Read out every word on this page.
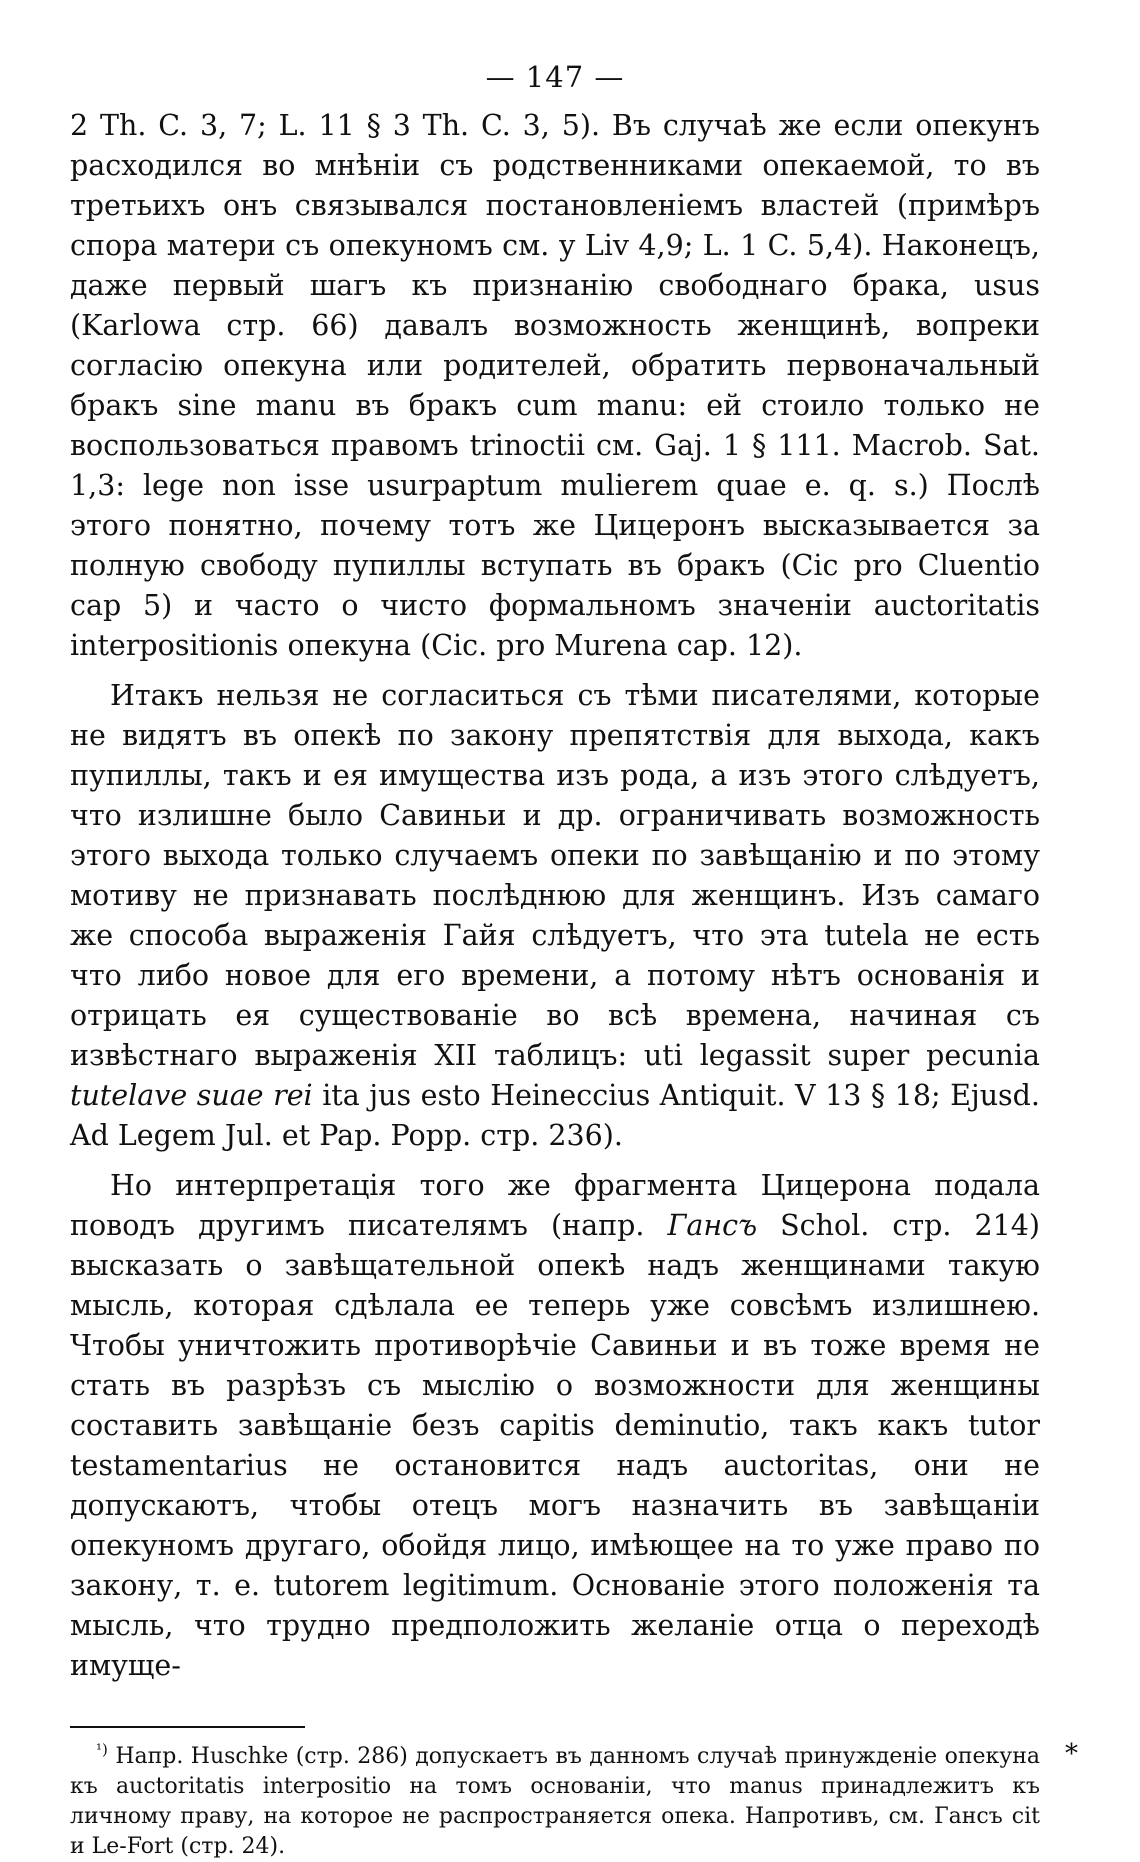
— 147 —

2 Th. C. 3, 7; L. 11 § 3 Th. C. 3, 5). Въ случаѣ же если опекунъ расходился во мнѣніи съ родственниками опекаемой, то въ третьихъ онъ связывался постановленіемъ властей (примѣръ спора матери съ опекуномъ см. у Liv 4,9; L. 1 C. 5,4). Наконецъ, даже первый шагъ къ признанію свободнаго брака, usus (Karlowa стр. 66) давалъ возможность женщинѣ, вопреки согласію опекуна или родителей, обратить первоначальный бракъ sine manu въ бракъ cum manu: ей стоило только не воспользоваться правомъ trinoctii см. Gaj. 1 § 111. Macrob. Sat. 1,3: lege non isse usurраptum mulierem quae e. q. s.) Послѣ этого понятно, почему тотъ же Цицеронъ высказывается за полную свободу пупиллы вступать въ бракъ (Cic pro Cluentio cap 5) и часто о чисто формальномъ значеніи auctoritatis interpositionis опекуна (Cic. pro Murena cap. 12).

Итакъ нельзя не согласиться съ тѣми писателями, которые не видятъ въ опекѣ по закону препятствія для выхода, какъ пупиллы, такъ и ея имущества изъ рода, а изъ этого слѣдуетъ, что излишне было Савиньи и др. ограничивать возможность этого выхода только случаемъ опеки по завѣщанію и по этому мотиву не признавать послѣднюю для женщинъ. Изъ самаго же способа выраженія Гайя слѣдуетъ, что эта tutela не есть что либо новое для его времени, а потому нѣтъ основанія и отрицать ея существованіе во всѣ времена, начиная съ извѣстнаго выраженія XII таблицъ: uti legassit super pecunia tutelave suae rei ita jus esto Heineccius Antiquit. V 13 § 18; Ejusd. Ad Legem Jul. et Pap. Popp. стр. 236).

Но интерпретація того же фрагмента Цицерона подала поводъ другимъ писателямъ (напр. Гансъ Schol. стр. 214) высказать о завѣщательной опекѣ надъ женщинами такую мысль, которая сдѣлала ее теперь уже совсѣмъ излишнею. Чтобы уничтожить противорѣчіе Савиньи и въ тоже время не стать въ разрѣзъ съ мыслію о возможности для женщины составить завѣщаніе безъ capitis deminutio, такъ какъ tutor testamentarius не остановится надъ auctoritas, они не допускаютъ, чтобы отецъ могъ назначить въ завѣщаніи опекуномъ другаго, обойдя лицо, имѣющее на то уже право по закону, т. е. tutorem legitimum. Основаніе этого положенія та мысль, что трудно предположить желаніе отца о переходѣ имуще-

$^{^1)}$ Напр. Huschke (стр. 286) допускаетъ въ данномъ случаѣ принужденіе опекуна къ auctoritatis interpositio на томъ основаніи, что manus принадлежитъ къ личному праву, на которое не распространяется опека. Напротивъ, см. Гансъ cit и Le-Fort (стр. 24).

*
